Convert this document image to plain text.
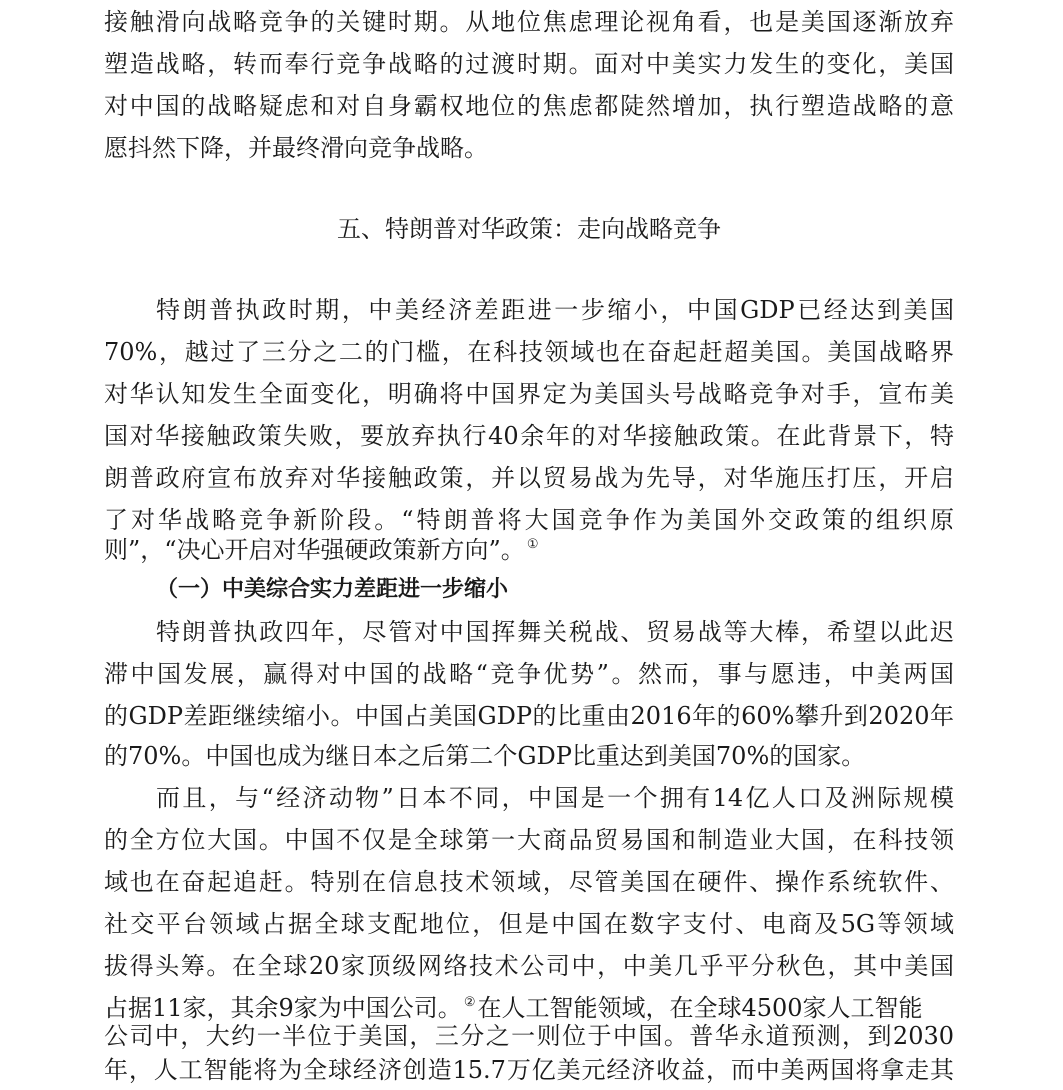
接触滑向战略竞争的关键时期。从地位焦虑理论视角看，也是美国逐渐放弃
塑造战略，转而奉行竞争战略的过渡时期。面对中美实力发生的变化，美国
对中国的战略疑虑和对自身霸权地位的焦虑都陡然增加，执行塑造战略的意
愿抖然下降，并最终滑向竞争战略。
五、特朗普对华政策：走向战略竞争
特朗普执政时期，中美经济差距进一步缩小，中国GDP已经达到美国
70%，越过了三分之二的门槛，在科技领域也在奋起赶超美国。美国战略界
对华认知发生全面变化，明确将中国界定为美国头号战略竞争对手，宣布美
国对华接触政策失败，要放弃执行40余年的对华接触政策。在此背景下，特
朗普政府宣布放弃对华接触政策，并以贸易战为先导，对华施压打压，开启
了对华战略竞争新阶段。“特朗普将大国竞争作为美国外交政策的组织原
则”，“决心开启对华强硬政策新方向”。 ①
（一）中美综合实力差距进一步缩小
特朗普执政四年，尽管对中国挥舞关税战、贸易战等大棒，希望以此迟
滞中国发展，赢得对中国的战略“竞争优势”。然而，事与愿违，中美两国
的GDP差距继续缩小。中国占美国GDP的比重由2016年的60%攀升到2020年
的70%。中国也成为继日本之后第二个GDP比重达到美国70%的国家。
而且，与“经济动物”日本不同，中国是一个拥有14亿人口及洲际规模
的全方位大国。中国不仅是全球第一大商品贸易国和制造业大国，在科技领
域也在奋起追赶。特别在信息技术领域，尽管美国在硬件、操作系统软件、
社交平台领域占据全球支配地位，但是中国在数字支付、电商及5G等领域
拔得头筹。在全球20家顶级网络技术公司中，中美几乎平分秋色，其中美国
占据11家，其余9家为中国公司。 ②在人工智能领域，在全球4500家人工智能
公司中，大约一半位于美国，三分之一则位于中国。普华永道预测，到2030
年，人工智能将为全球经济创造15.7万亿美元经济收益，而中美两国将拿走其
